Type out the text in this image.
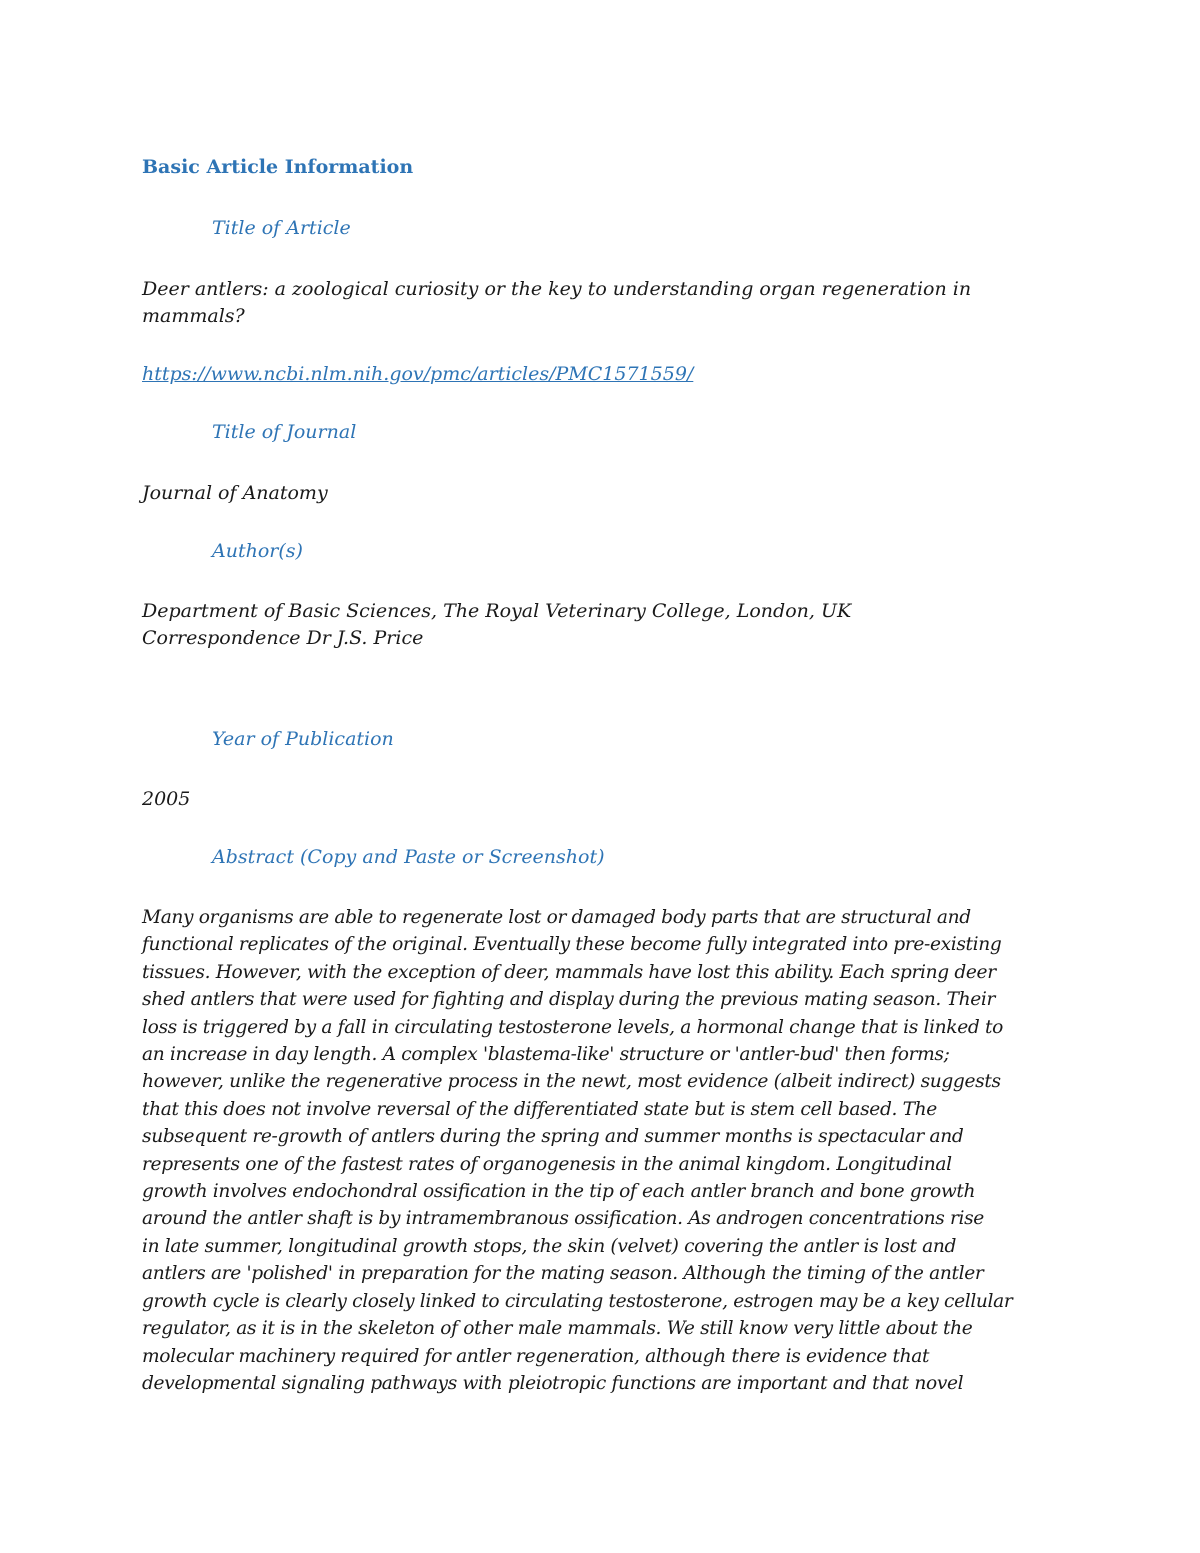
Basic Article Information
Title of Article
Deer antlers: a zoological curiosity or the key to understanding organ regeneration in
mammals?
https://www.ncbi.nlm.nih.gov/pmc/articles/PMC1571559/
Title of Journal
Journal of Anatomy
Author(s)
Department of Basic Sciences, The Royal Veterinary College, London, UK
Correspondence Dr J.S. Price
Year of Publication
2005
Abstract (Copy and Paste or Screenshot)
Many organisms are able to regenerate lost or damaged body parts that are structural and
functional replicates of the original. Eventually these become fully integrated into pre-existing
tissues. However, with the exception of deer, mammals have lost this ability. Each spring deer
shed antlers that were used for fighting and display during the previous mating season. Their
loss is triggered by a fall in circulating testosterone levels, a hormonal change that is linked to
an increase in day length. A complex 'blastema-like' structure or 'antler-bud' then forms;
however, unlike the regenerative process in the newt, most evidence (albeit indirect) suggests
that this does not involve reversal of the differentiated state but is stem cell based. The
subsequent re-growth of antlers during the spring and summer months is spectacular and
represents one of the fastest rates of organogenesis in the animal kingdom. Longitudinal
growth involves endochondral ossification in the tip of each antler branch and bone growth
around the antler shaft is by intramembranous ossification. As androgen concentrations rise
in late summer, longitudinal growth stops, the skin (velvet) covering the antler is lost and
antlers are 'polished' in preparation for the mating season. Although the timing of the antler
growth cycle is clearly closely linked to circulating testosterone, estrogen may be a key cellular
regulator, as it is in the skeleton of other male mammals. We still know very little about the
molecular machinery required for antler regeneration, although there is evidence that
developmental signaling pathways with pleiotropic functions are important and that novel
